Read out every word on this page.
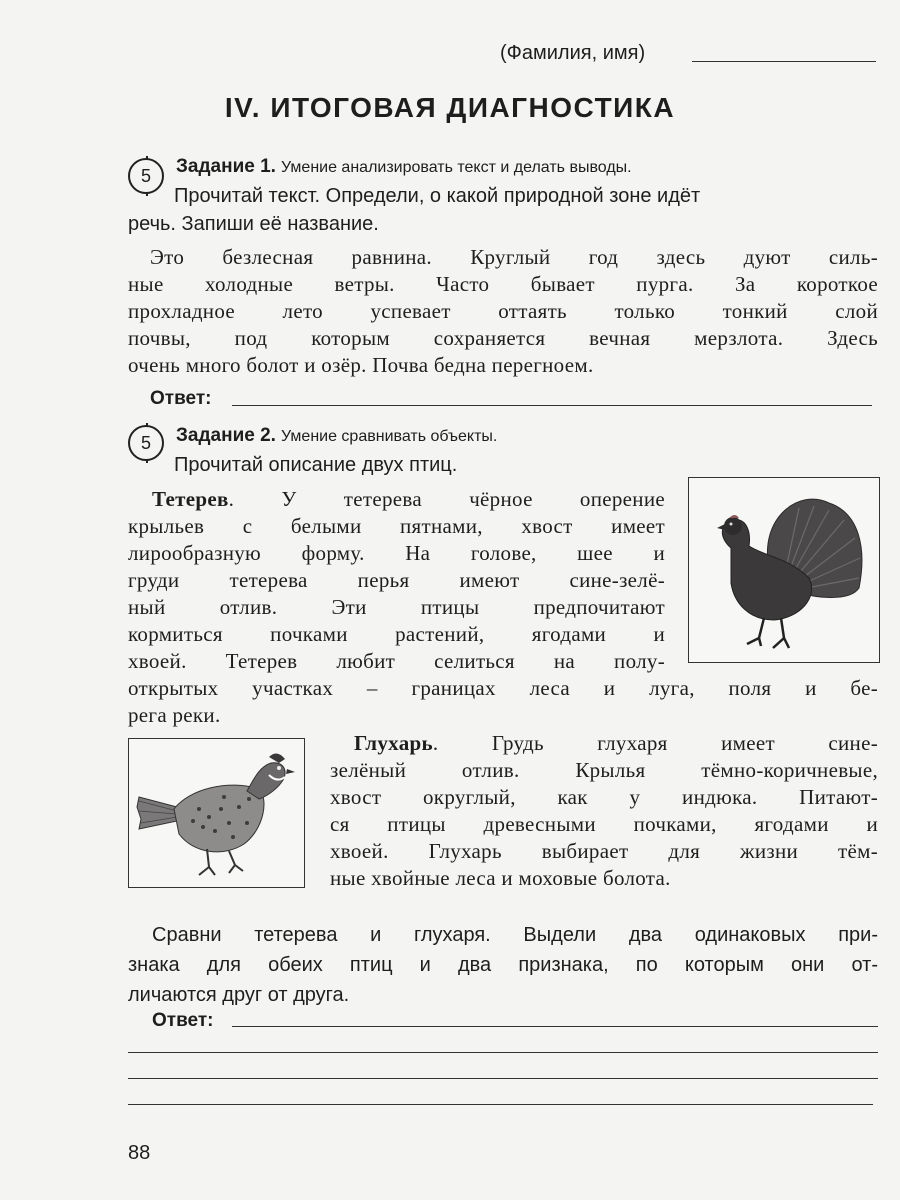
(Фамилия, имя)
IV. ИТОГОВАЯ ДИАГНОСТИКА
5	Задание 1. Умение анализировать текст и делать выводы.
Прочитай текст. Определи, о какой природной зоне идёт
речь. Запиши её название.
Это безлесная равнина. Круглый год здесь дуют силь-
ные холодные ветры. Часто бывает пурга. За короткое
прохладное лето успевает оттаять только тонкий слой
почвы, под которым сохраняется вечная мерзлота. Здесь
очень много болот и озёр. Почва бедна перегноем.
Ответ:
5	Задание 2. Умение сравнивать объекты.
Прочитай описание двух птиц.
Тетерев. У тетерева чёрное оперение
крыльев с белыми пятнами, хвост имеет
лирообразную форму. На голове, шее и
груди тетерева перья имеют сине-зелё-
ный отлив. Эти птицы предпочитают
кормиться почками растений, ягодами и
хвоей. Тетерев любит селиться на полу-
открытых участках – границах леса и луга, поля и бе-
рега реки.
Глухарь. Грудь глухаря имеет сине-
зелёный отлив. Крылья тёмно-коричневые,
хвост округлый, как у индюка. Питают-
ся птицы древесными почками, ягодами и
хвоей. Глухарь выбирает для жизни тём-
ные хвойные леса и моховые болота.
Сравни тетерева и глухаря. Выдели два одинаковых при-
знака для обеих птиц и два признака, по которым они от-
личаются друг от друга.
Ответ:
88
